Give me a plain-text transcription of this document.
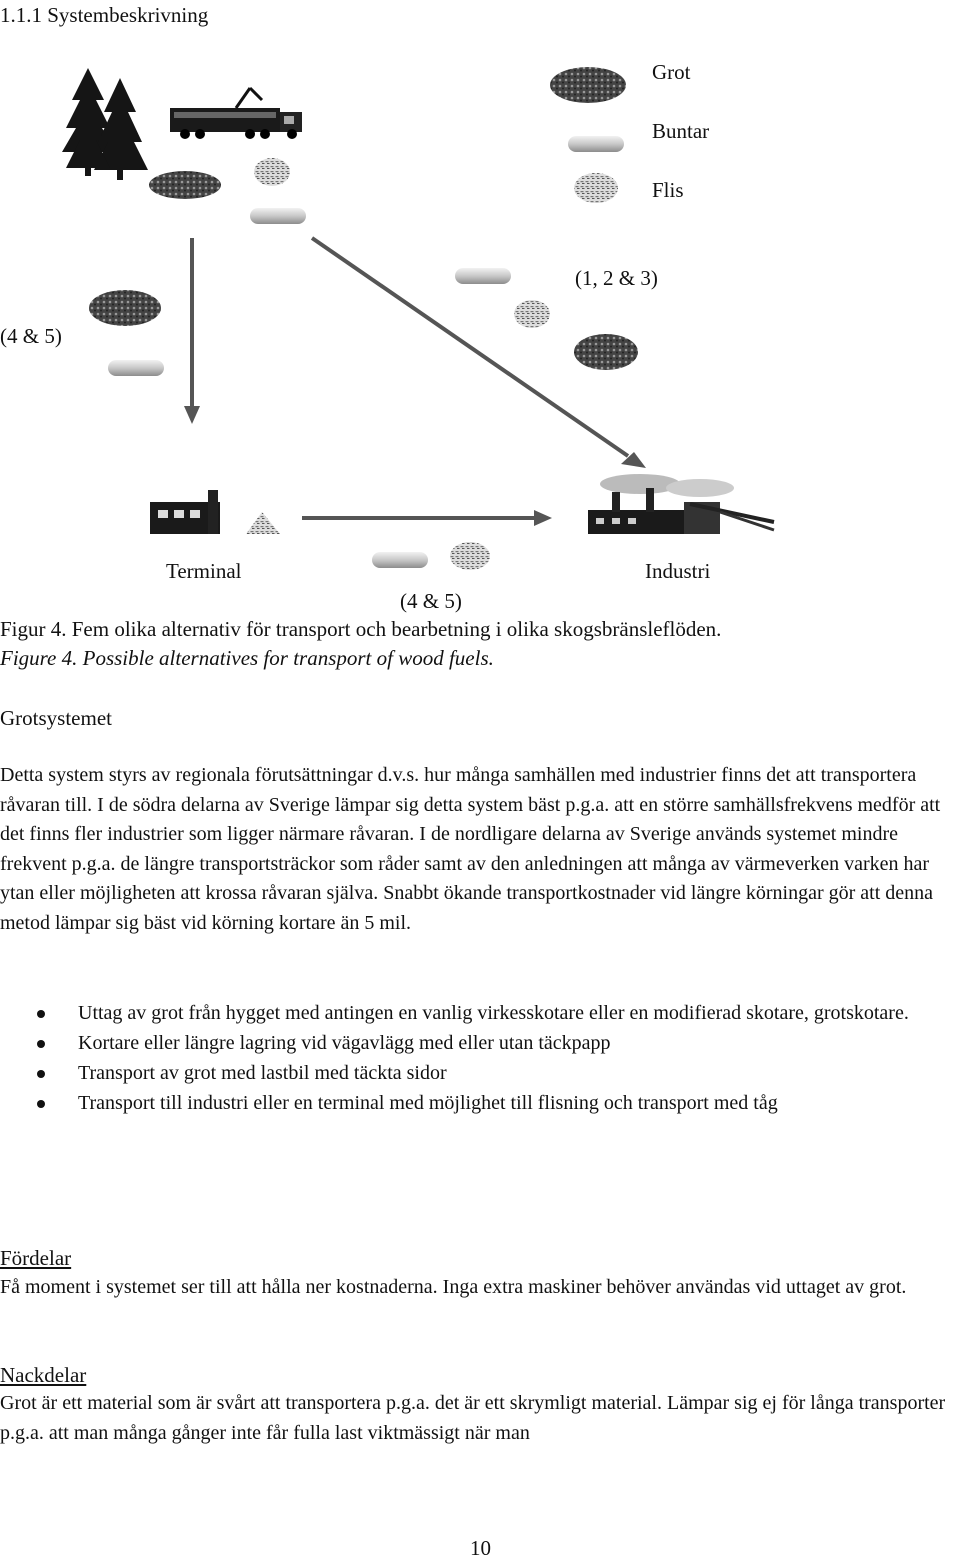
1.1.1 Systembeskrivning
Grot
Buntar
Flis
(1, 2 & 3)
(4 & 5)
Terminal	Industri
(4 & 5)
Figur 4. Fem olika alternativ för transport och bearbetning i olika skogsbränsleflöden.
Figure 4. Possible alternatives for transport of wood fuels.
Grotsystemet
Detta system styrs av regionala förutsättningar d.v.s. hur många samhällen med industrier finns det att transportera råvaran till. I de södra delarna av Sverige lämpar sig detta system bäst p.g.a. att en större samhällsfrekvens medför att det finns fler industrier som ligger närmare råvaran. I de nordligare delarna av Sverige används systemet mindre frekvent p.g.a. de längre transportsträckor som råder samt av den anledningen att många av värmeverken varken har ytan eller möjligheten att krossa råvaran själva. Snabbt ökande transportkostnader vid längre körningar gör att denna metod lämpar sig bäst vid körning kortare än 5 mil.
Uttag av grot från hygget med antingen en vanlig virkesskotare eller en modifierad skotare, grotskotare.
Kortare eller längre lagring vid vägavlägg med eller utan täckpapp
Transport av grot med lastbil med täckta sidor
Transport till industri eller en terminal med möjlighet till flisning och transport med tåg
Fördelar
Få moment i systemet ser till att hålla ner kostnaderna. Inga extra maskiner behöver användas vid uttaget av grot.
Nackdelar
Grot är ett material som är svårt att transportera p.g.a. det är ett skrymligt material. Lämpar sig ej för långa transporter p.g.a. att man många gånger inte får fulla last viktmässigt när man
10
